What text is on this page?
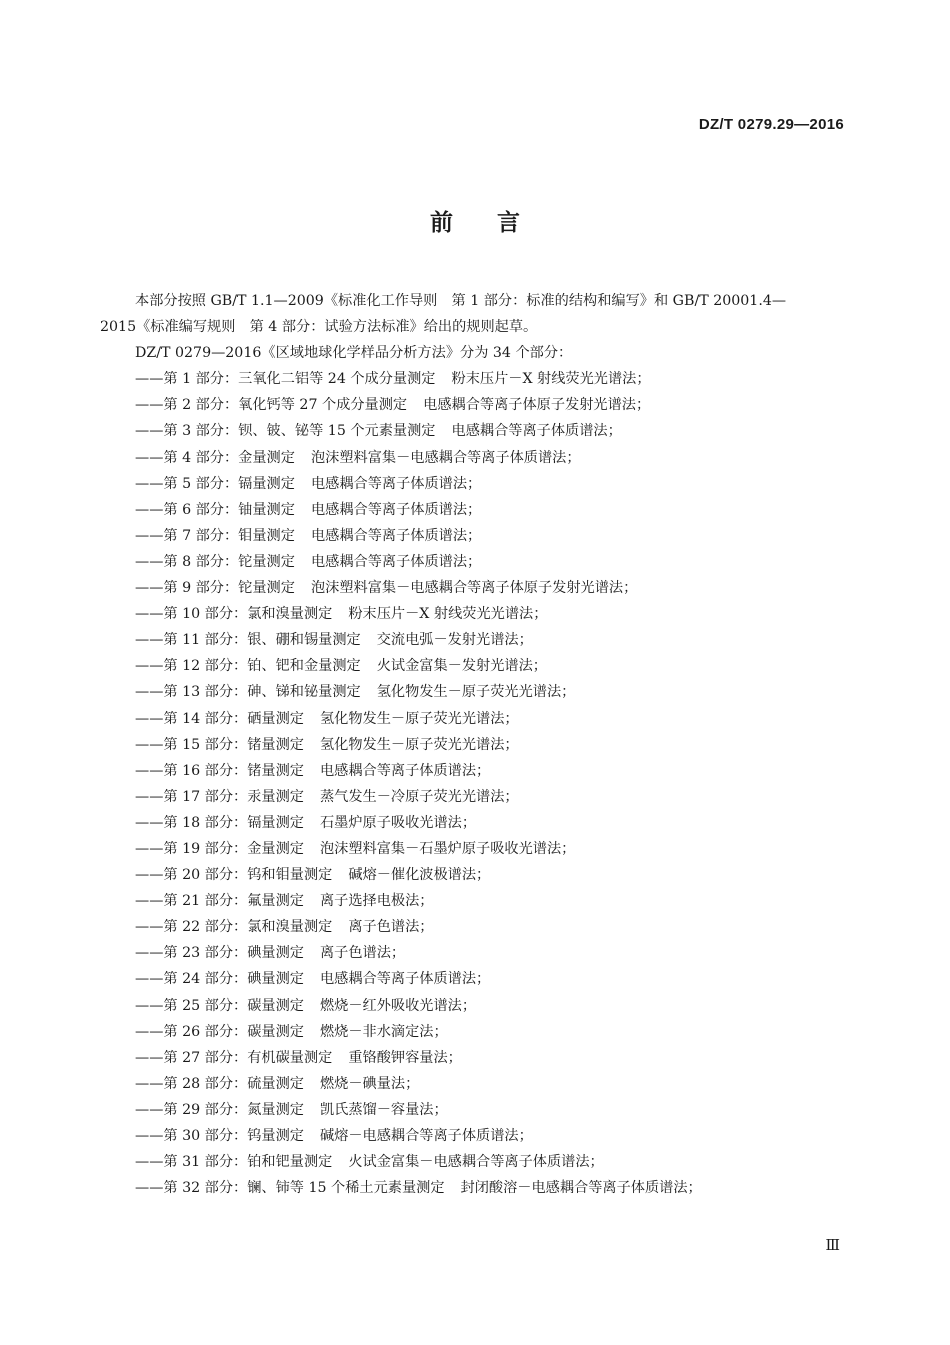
DZ/T 0279.29—2016
前言

本部分按照 GB/T 1.1—2009《标准化工作导则　第 1 部分：标准的结构和编写》和 GB/T 20001.4—

2015《标准编写规则　第 4 部分：试验方法标准》给出的规则起草。

DZ/T 0279—2016《区域地球化学样品分析方法》分为 34 个部分：

——第 1 部分：三氧化二铝等 24 个成分量测定 粉末压片－X 射线荧光光谱法；

——第 2 部分：氧化钙等 27 个成分量测定 电感耦合等离子体原子发射光谱法；

——第 3 部分：钡、铍、铋等 15 个元素量测定 电感耦合等离子体质谱法；

——第 4 部分：金量测定 泡沫塑料富集－电感耦合等离子体质谱法；

——第 5 部分：镉量测定 电感耦合等离子体质谱法；

——第 6 部分：铀量测定 电感耦合等离子体质谱法；

——第 7 部分：钼量测定 电感耦合等离子体质谱法；

——第 8 部分：铊量测定 电感耦合等离子体质谱法；

——第 9 部分：铊量测定 泡沫塑料富集－电感耦合等离子体原子发射光谱法；

——第 10 部分：氯和溴量测定 粉末压片－X 射线荧光光谱法；

——第 11 部分：银、硼和锡量测定 交流电弧－发射光谱法；

——第 12 部分：铂、钯和金量测定 火试金富集－发射光谱法；

——第 13 部分：砷、锑和铋量测定 氢化物发生－原子荧光光谱法；

——第 14 部分：硒量测定 氢化物发生－原子荧光光谱法；

——第 15 部分：锗量测定 氢化物发生－原子荧光光谱法；

——第 16 部分：锗量测定 电感耦合等离子体质谱法；

——第 17 部分：汞量测定 蒸气发生－冷原子荧光光谱法；

——第 18 部分：镉量测定 石墨炉原子吸收光谱法；

——第 19 部分：金量测定 泡沫塑料富集－石墨炉原子吸收光谱法；

——第 20 部分：钨和钼量测定 碱熔－催化波极谱法；

——第 21 部分：氟量测定 离子选择电极法；

——第 22 部分：氯和溴量测定 离子色谱法；

——第 23 部分：碘量测定 离子色谱法；

——第 24 部分：碘量测定 电感耦合等离子体质谱法；

——第 25 部分：碳量测定 燃烧－红外吸收光谱法；

——第 26 部分：碳量测定 燃烧－非水滴定法；

——第 27 部分：有机碳量测定 重铬酸钾容量法；

——第 28 部分：硫量测定 燃烧－碘量法；

——第 29 部分：氮量测定 凯氏蒸馏－容量法；

——第 30 部分：钨量测定 碱熔－电感耦合等离子体质谱法；

——第 31 部分：铂和钯量测定 火试金富集－电感耦合等离子体质谱法；

——第 32 部分：镧、铈等 15 个稀土元素量测定 封闭酸溶－电感耦合等离子体质谱法；

Ⅲ
